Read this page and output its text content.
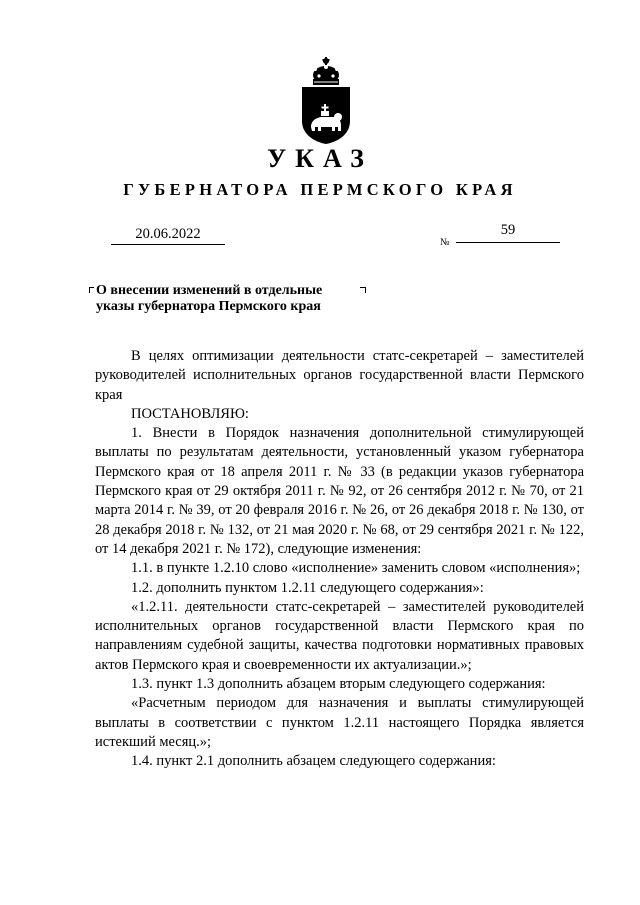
УКАЗ
ГУБЕРНАТОРА ПЕРМСКОГО КРАЯ
20.06.2022
№
59
О внесении изменений в отдельные
указы губернатора Пермского края

В целях оптимизации деятельности статс-секретарей – заместителей руководителей исполнительных органов государственной власти Пермского края

ПОСТАНОВЛЯЮ:

1. Внести в Порядок назначения дополнительной стимулирующей выплаты по результатам деятельности, установленный указом губернатора Пермского края от 18 апреля 2011 г. № 33 (в редакции указов губернатора Пермского края от 29 октября 2011 г. № 92, от 26 сентября 2012 г. № 70, от 21 марта 2014 г. № 39, от 20 февраля 2016 г. № 26, от 26 декабря 2018 г. № 130, от 28 декабря 2018 г. № 132, от 21 мая 2020 г. № 68, от 29 сентября 2021 г. № 122, от 14 декабря 2021 г. № 172), следующие изменения:

1.1. в пункте 1.2.10 слово «исполнение» заменить словом «исполнения»;

1.2. дополнить пунктом 1.2.11 следующего содержания»:

«1.2.11. деятельности статс-секретарей – заместителей руководителей исполнительных органов государственной власти Пермского края по направлениям судебной защиты, качества подготовки нормативных правовых актов Пермского края и своевременности их актуализации.»;

1.3. пункт 1.3 дополнить абзацем вторым следующего содержания:

«Расчетным периодом для назначения и выплаты стимулирующей выплаты в соответствии с пунктом 1.2.11 настоящего Порядка является истекший месяц.»;

1.4. пункт 2.1 дополнить абзацем следующего содержания:
